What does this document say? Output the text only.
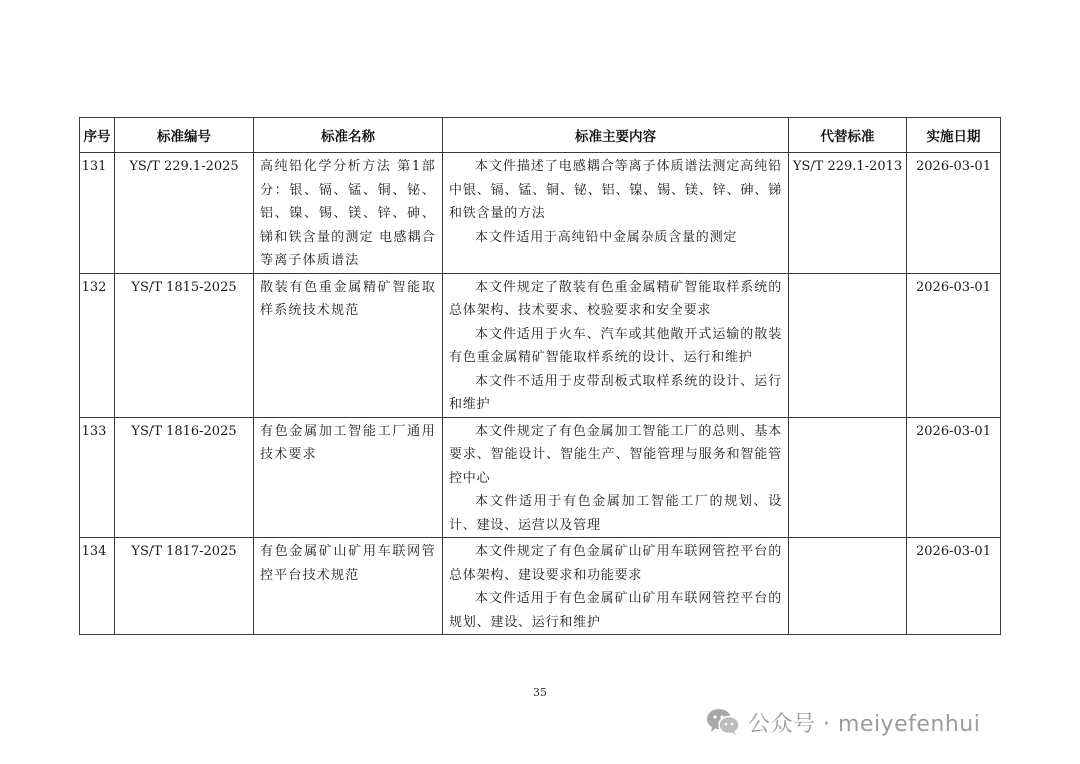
序号	标准编号	标准名称	标准主要内容	代替标准	实施日期

131	YS/T 229.1-2025	高纯铅化学分析方法 第1部分：银、镉、锰、铜、铋、铝、镍、锡、镁、锌、砷、锑和铁含量的测定 电感耦合等离子体质谱法	本文件描述了电感耦合等离子体质谱法测定高纯铅中银、镉、锰、铜、铋、铝、镍、锡、镁、锌、砷、锑和铁含量的方法

本文件适用于高纯铅中金属杂质含量的测定	YS/T 229.1-2013	2026-03-01

132	YS/T 1815-2025	散装有色重金属精矿智能取样系统技术规范	本文件规定了散装有色重金属精矿智能取样系统的总体架构、技术要求、校验要求和安全要求

本文件适用于火车、汽车或其他敞开式运输的散装有色重金属精矿智能取样系统的设计、运行和维护

本文件不适用于皮带刮板式取样系统的设计、运行和维护		2026-03-01

133	YS/T 1816-2025	有色金属加工智能工厂通用技术要求	本文件规定了有色金属加工智能工厂的总则、基本要求、智能设计、智能生产、智能管理与服务和智能管控中心

本文件适用于有色金属加工智能工厂的规划、设计、建设、运营以及管理		2026-03-01

134	YS/T 1817-2025	有色金属矿山矿用车联网管控平台技术规范	本文件规定了有色金属矿山矿用车联网管控平台的总体架构、建设要求和功能要求

本文件适用于有色金属矿山矿用车联网管控平台的规划、建设、运行和维护		2026-03-01
35
公众号 · meiyefenhui
